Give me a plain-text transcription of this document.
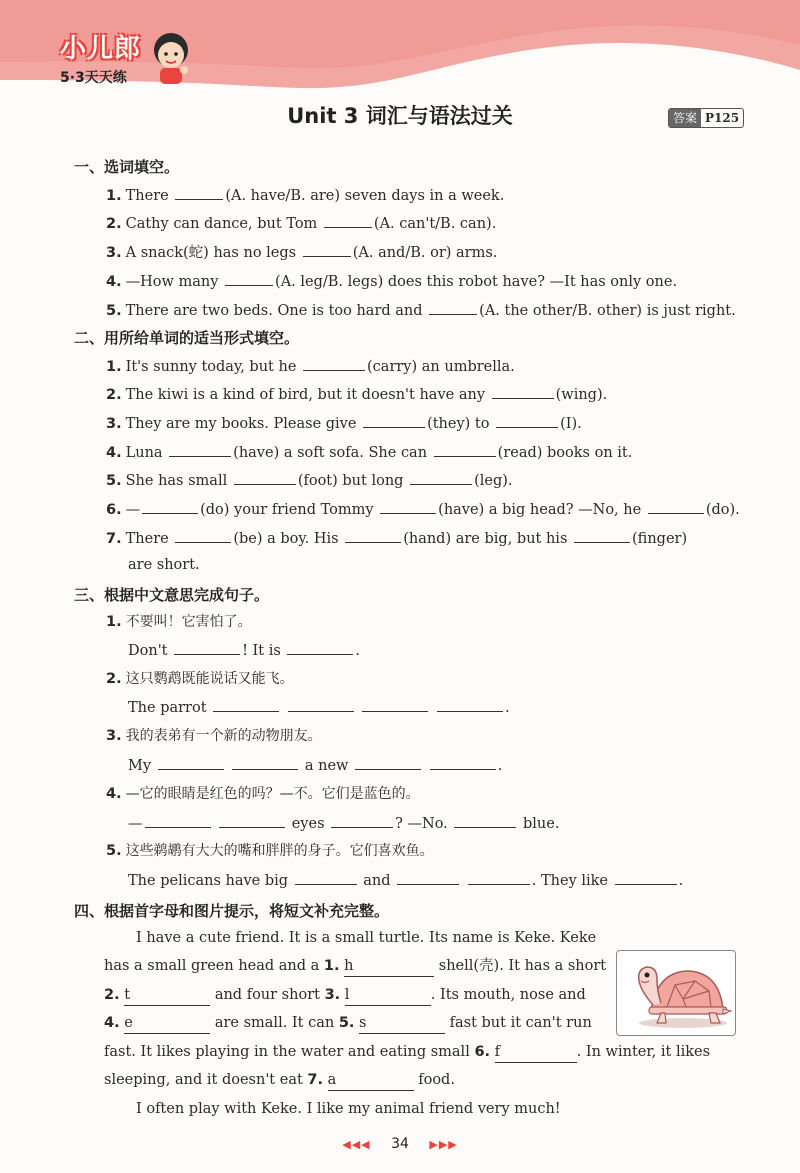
小儿郎
5·3天天练
Unit 3 词汇与语法过关	答案 P125
一、选词填空。
1. There	(A. have/B. are) seven days in a week.
2. Cathy can dance, but Tom	(A. can't/B. can).
3. A snack(蛇) has no legs	(A. and/B. or) arms.
4. —How many	(A. leg/B. legs) does this robot have? —It has only one.
5. There are two beds. One is too hard and	(A. the other/B. other) is just right.
二、用所给单词的适当形式填空。
1. It's sunny today, but he	(carry) an umbrella.
2. The kiwi is a kind of bird, but it doesn't have any	(wing).
3. They are my books. Please give	(they) to	(I).
4. Luna	(have) a soft sofa. She can	(read) books on it.
5. She has small	(foot) but long	(leg).
6. —	(do) your friend Tommy	(have) a big head? —No, he	(do).
7. There	(be) a boy. His	(hand) are big, but his	(finger)
are short.
三、根据中文意思完成句子。
1. 不要叫！它害怕了。
Don't	! It is	.
2. 这只鹦鹉既能说话又能飞。
The parrot	.
3. 我的表弟有一个新的动物朋友。
My	a new	.
4. —它的眼睛是红色的吗？—不。它们是蓝色的。
—	eyes	? —No.	blue.
5. 这些鹈鹕有大大的嘴和胖胖的身子。它们喜欢鱼。
The pelicans have big	and	. They like	.
四、根据首字母和图片提示，将短文补充完整。
I have a cute friend. It is a small turtle. Its name is Keke. Keke
has a small green head and a 1. h	shell(壳). It has a short
2. t	and four short 3. l	. Its mouth, nose and
4. e	are small. It can 5. s	fast but it can't run
fast. It likes playing in the water and eating small 6. f	. In winter, it likes
sleeping, and it doesn't eat 7. a	food.
I often play with Keke. I like my animal friend very much!
◀◀◀ 34 ▶▶▶
